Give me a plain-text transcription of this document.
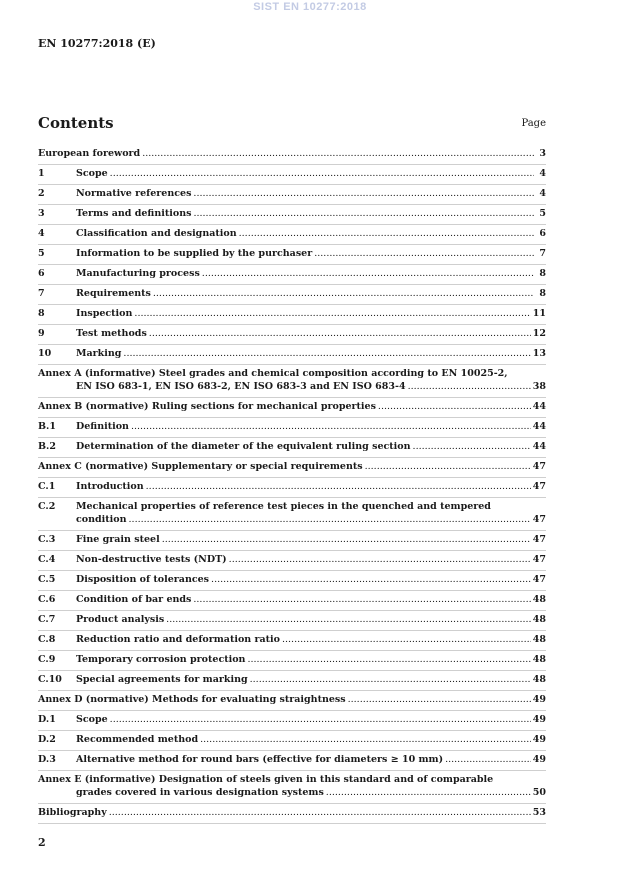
SIST EN 10277:2018
EN 10277:2018 (E)
Contents	Page
European foreword .....	3
1	Scope .....	4
2	Normative references .....	4
3	Terms and definitions .....	5
4	Classification and designation .....	6
5	Information to be supplied by the purchaser .....	7
6	Manufacturing process .....	8
7	Requirements .....	8
8	Inspection .....	11
9	Test methods .....	12
10	Marking .....	13
Annex A (informative) Steel grades and chemical composition according to EN 10025-2,
EN ISO 683-1, EN ISO 683-2, EN ISO 683-3 and EN ISO 683-4 .....	38
Annex B (normative) Ruling sections for mechanical properties .....	44
B.1	Definition .....	44
B.2	Determination of the diameter of the equivalent ruling section .....	44
Annex C (normative) Supplementary or special requirements .....	47
C.1	Introduction .....	47
C.2 Mechanical properties of reference test pieces in the quenched and tempered
condition .....	47
C.3	Fine grain steel .....	47
C.4	Non-destructive tests (NDT) .....	47
C.5	Disposition of tolerances .....	47
C.6	Condition of bar ends .....	48
C.7	Product analysis .....	48
C.8	Reduction ratio and deformation ratio .....	48
C.9	Temporary corrosion protection .....	48
C.10	Special agreements for marking .....	48
Annex D (normative) Methods for evaluating straightness .....	49
D.1	Scope .....	49
D.2	Recommended method .....	49
D.3	Alternative method for round bars (effective for diameters ≥ 10 mm) .....	49
Annex E (informative) Designation of steels given in this standard and of comparable
grades covered in various designation systems .....	50
Bibliography .....	53
2
